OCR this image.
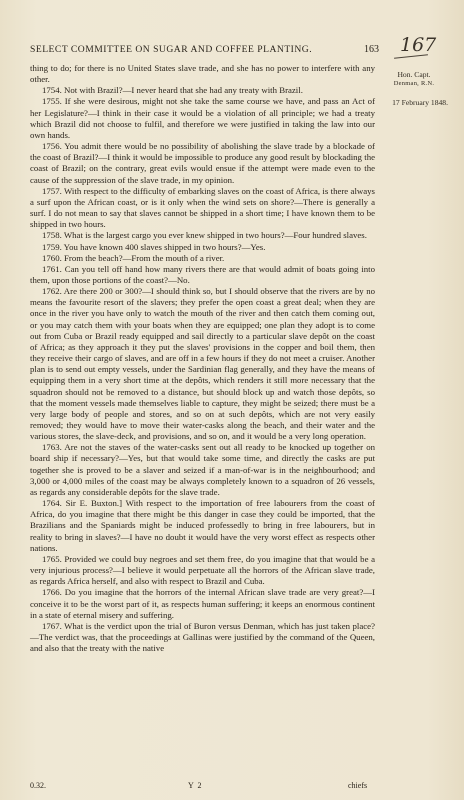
SELECT COMMITTEE ON SUGAR AND COFFEE PLANTING.	163 167
Hon. Capt.
Denman, R.N.
17 February 1848.

thing to do; for there is no United States slave trade, and she has no power to interfere with any other.

1754. Not with Brazil?—I never heard that she had any treaty with Brazil.

1755. If she were desirous, might not she take the same course we have, and pass an Act of her Legislature?—I think in their case it would be a violation of all principle; we had a treaty which Brazil did not choose to fulfil, and therefore we were justified in taking the law into our own hands.

1756. You admit there would be no possibility of abolishing the slave trade by a blockade of the coast of Brazil?—I think it would be impossible to produce any good result by blockading the coast of Brazil; on the contrary, great evils would ensue if the attempt were made even to the cause of the suppression of the slave trade, in my opinion.

1757. With respect to the difficulty of embarking slaves on the coast of Africa, is there always a surf upon the African coast, or is it only when the wind sets on shore?—There is generally a surf. I do not mean to say that slaves cannot be shipped in a short time; I have known them to be shipped in two hours.

1758. What is the largest cargo you ever knew shipped in two hours?—Four hundred slaves.

1759. You have known 400 slaves shipped in two hours?—Yes.

1760. From the beach?—From the mouth of a river.

1761. Can you tell off hand how many rivers there are that would admit of boats going into them, upon those portions of the coast?—No.

1762. Are there 200 or 300?—I should think so, but I should observe that the rivers are by no means the favourite resort of the slavers; they prefer the open coast a great deal; when they are once in the river you have only to watch the mouth of the river and then catch them coming out, or you may catch them with your boats when they are equipped; one plan they adopt is to come out from Cuba or Brazil ready equipped and sail directly to a particular slave depôt on the coast of Africa; as they approach it they put the slaves' provisions in the copper and boil them, then they receive their cargo of slaves, and are off in a few hours if they do not meet a cruiser. Another plan is to send out empty vessels, under the Sardinian flag generally, and they have the means of equipping them in a very short time at the depôts, which renders it still more necessary that the squadron should not be removed to a distance, but should block up and watch those depôts, so that the moment vessels made themselves liable to capture, they might be seized; there must be a very large body of people and stores, and so on at such depôts, which are not very easily removed; they would have to move their water-casks along the beach, and their water and the various stores, the slave-deck, and provisions, and so on, and it would be a very long operation.

1763. Are not the staves of the water-casks sent out all ready to be knocked up together on board ship if necessary?—Yes, but that would take some time, and directly the casks are put together she is proved to be a slaver and seized if a man-of-war is in the neighbourhood; and 3,000 or 4,000 miles of the coast may be always completely known to a squadron of 26 vessels, as regards any considerable depôts for the slave trade.

1764. Sir E. Buxton.] With respect to the importation of free labourers from the coast of Africa, do you imagine that there might be this danger in case they could be imported, that the Brazilians and the Spaniards might be induced professedly to bring in free labourers, but in reality to bring in slaves?—I have no doubt it would have the very worst effect as respects other nations.

1765. Provided we could buy negroes and set them free, do you imagine that that would be a very injurious process?—I believe it would perpetuate all the horrors of the African slave trade, as regards Africa herself, and also with respect to Brazil and Cuba.

1766. Do you imagine that the horrors of the internal African slave trade are very great?—I conceive it to be the worst part of it, as respects human suffering; it keeps an enormous continent in a state of eternal misery and suffering.

1767. What is the verdict upon the trial of Buron versus Denman, which has just taken place?—The verdict was, that the proceedings at Gallinas were justified by the command of the Queen, and also that the treaty with the native

0.32.	Y 2	chiefs
